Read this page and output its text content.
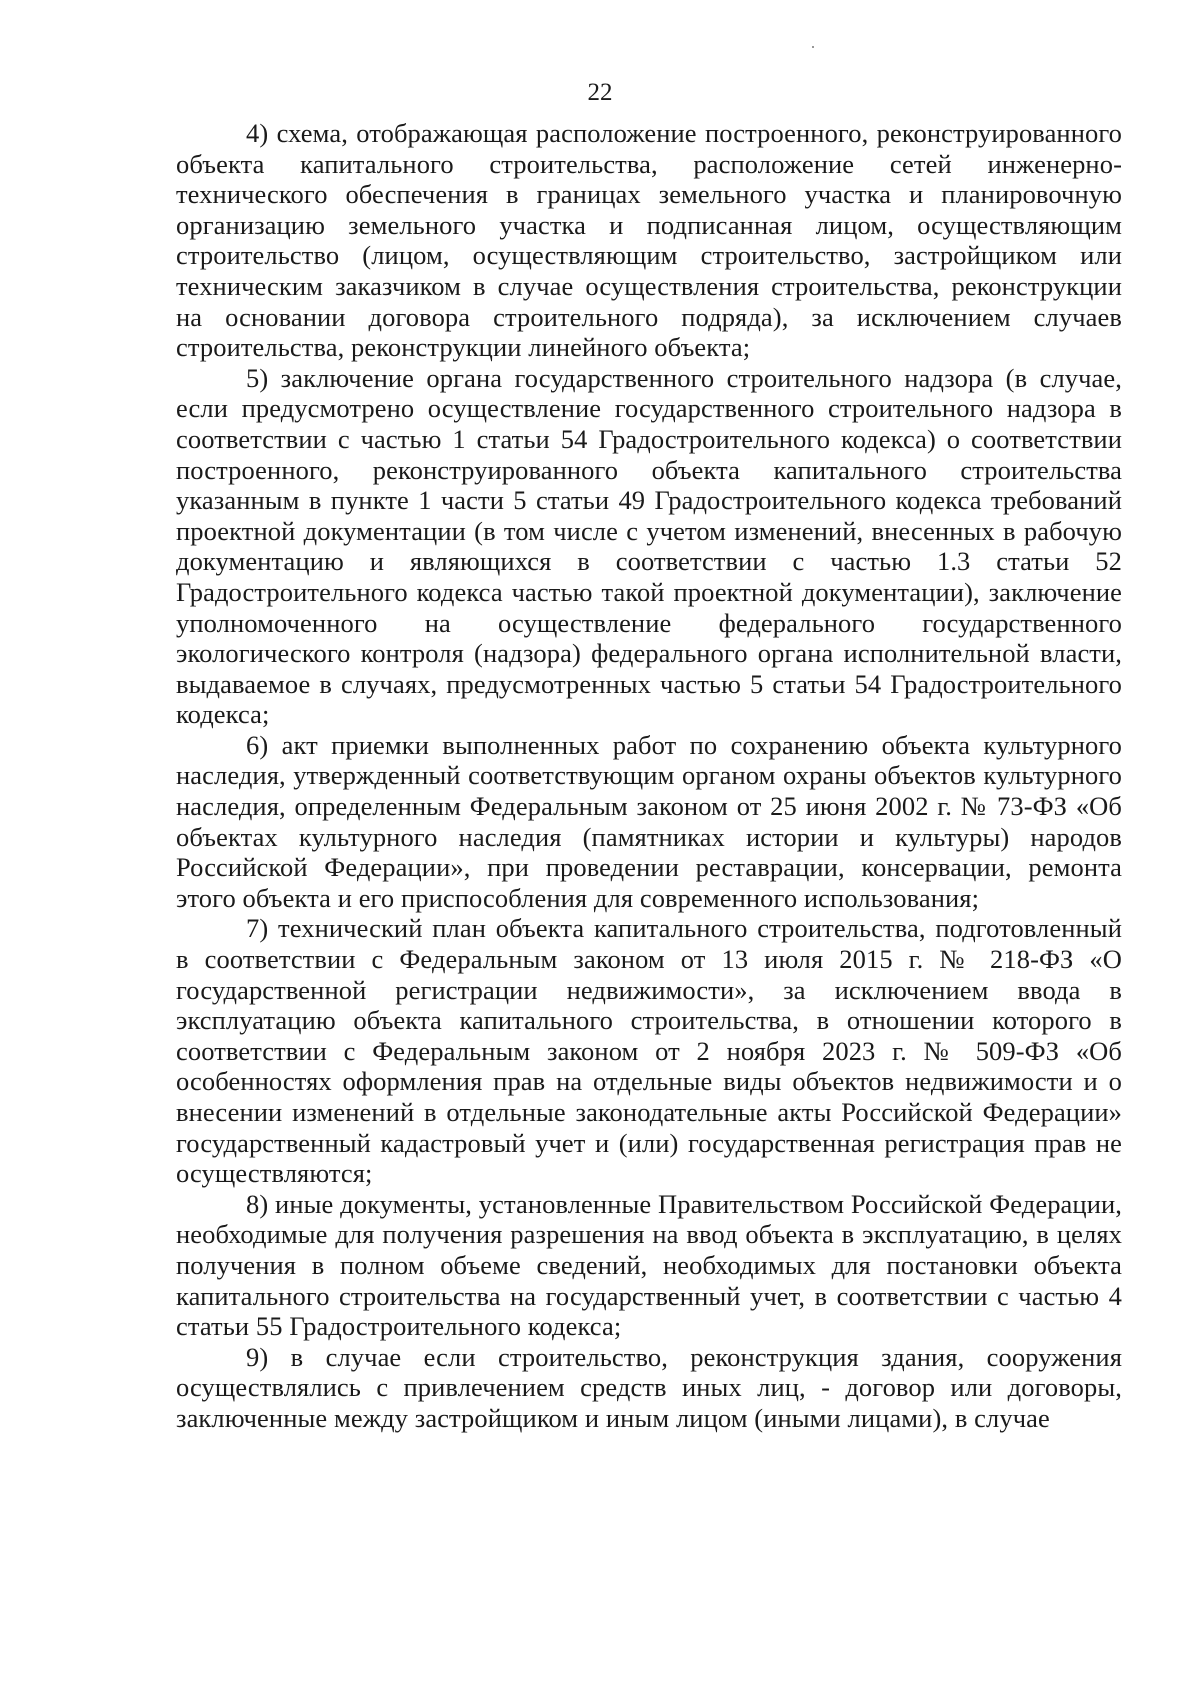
22

4) схема, отображающая расположение построенного, реконструированного объекта капитального строительства, расположение сетей инженерно-технического обеспечения в границах земельного участка и планировочную организацию земельного участка и подписанная лицом, осуществляющим строительство (лицом, осуществляющим строительство, застройщиком или техническим заказчиком в случае осуществления строительства, реконструкции на основании договора строительного подряда), за исключением случаев строительства, реконструкции линейного объекта;

5) заключение органа государственного строительного надзора (в случае, если предусмотрено осуществление государственного строительного надзора в соответствии с частью 1 статьи 54 Градостроительного кодекса) о соответствии построенного, реконструированного объекта капитального строительства указанным в пункте 1 части 5 статьи 49 Градостроительного кодекса требований проектной документации (в том числе с учетом изменений, внесенных в рабочую документацию и являющихся в соответствии с частью 1.3 статьи 52 Градостроительного кодекса частью такой проектной документации), заключение уполномоченного на осуществление федерального государственного экологического контроля (надзора) федерального органа исполнительной власти, выдаваемое в случаях, предусмотренных частью 5 статьи 54 Градостроительного кодекса;

6) акт приемки выполненных работ по сохранению объекта культурного наследия, утвержденный соответствующим органом охраны объектов культурного наследия, определенным Федеральным законом от 25 июня 2002 г. № 73-ФЗ «Об объектах культурного наследия (памятниках истории и культуры) народов Российской Федерации», при проведении реставрации, консервации, ремонта этого объекта и его приспособления для современного использования;

7) технический план объекта капитального строительства, подготовленный в соответствии с Федеральным законом от 13 июля 2015 г. № 218-ФЗ «О государственной регистрации недвижимости», за исключением ввода в эксплуатацию объекта капитального строительства, в отношении которого в соответствии с Федеральным законом от 2 ноября 2023 г. № 509-ФЗ «Об особенностях оформления прав на отдельные виды объектов недвижимости и о внесении изменений в отдельные законодательные акты Российской Федерации» государственный кадастровый учет и (или) государственная регистрация прав не осуществляются;

8) иные документы, установленные Правительством Российской Федерации, необходимые для получения разрешения на ввод объекта в эксплуатацию, в целях получения в полном объеме сведений, необходимых для постановки объекта капитального строительства на государственный учет, в соответствии с частью 4 статьи 55 Градостроительного кодекса;

9) в случае если строительство, реконструкция здания, сооружения осуществлялись с привлечением средств иных лиц, - договор или договоры, заключенные между застройщиком и иным лицом (иными лицами), в случае
